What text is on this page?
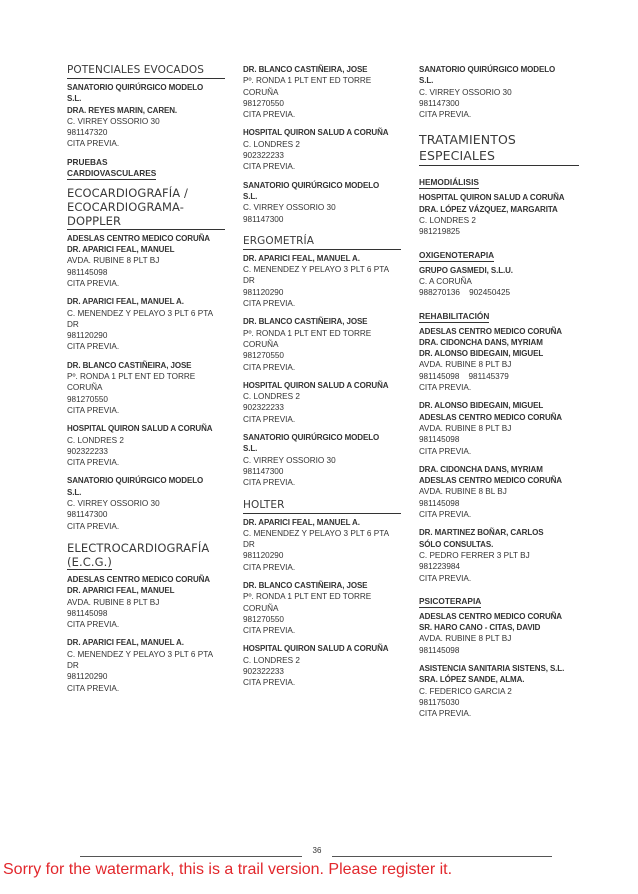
POTENCIALES EVOCADOS
SANATORIO QUIRÚRGICO MODELO
S.L.
DRA. REYES MARIN, CAREN.
C. VIRREY OSSORIO 30
981147320
CITA PREVIA.
PRUEBAS
CARDIOVASCULARES
ECOCARDIOGRAFÍA /
ECOCARDIOGRAMA-
DOPPLER
ADESLAS CENTRO MEDICO CORUÑA
DR. APARICI FEAL, MANUEL
AVDA. RUBINE 8 PLT BJ
981145098
CITA PREVIA.
DR. APARICI FEAL, MANUEL A.
C. MENENDEZ Y PELAYO 3 PLT 6 PTA
DR
981120290
CITA PREVIA.
DR. BLANCO CASTIÑEIRA, JOSE
Pº. RONDA 1 PLT ENT ED TORRE
CORUÑA
981270550
CITA PREVIA.
HOSPITAL QUIRON SALUD A CORUÑA
C. LONDRES 2
902322233
CITA PREVIA.
SANATORIO QUIRÚRGICO MODELO
S.L.
C. VIRREY OSSORIO 30
981147300
CITA PREVIA.
ELECTROCARDIOGRAFÍA
(E.C.G.)
ADESLAS CENTRO MEDICO CORUÑA
DR. APARICI FEAL, MANUEL
AVDA. RUBINE 8 PLT BJ
981145098
CITA PREVIA.
DR. APARICI FEAL, MANUEL A.
C. MENENDEZ Y PELAYO 3 PLT 6 PTA
DR
981120290
CITA PREVIA.
DR. BLANCO CASTIÑEIRA, JOSE
Pº. RONDA 1 PLT ENT ED TORRE
CORUÑA
981270550
CITA PREVIA.
HOSPITAL QUIRON SALUD A CORUÑA
C. LONDRES 2
902322233
CITA PREVIA.
SANATORIO QUIRÚRGICO MODELO
S.L.
C. VIRREY OSSORIO 30
981147300
ERGOMETRÍA
DR. APARICI FEAL, MANUEL A.
C. MENENDEZ Y PELAYO 3 PLT 6 PTA
DR
981120290
CITA PREVIA.
DR. BLANCO CASTIÑEIRA, JOSE
Pº. RONDA 1 PLT ENT ED TORRE
CORUÑA
981270550
CITA PREVIA.
HOSPITAL QUIRON SALUD A CORUÑA
C. LONDRES 2
902322233
CITA PREVIA.
SANATORIO QUIRÚRGICO MODELO
S.L.
C. VIRREY OSSORIO 30
981147300
CITA PREVIA.
HOLTER
DR. APARICI FEAL, MANUEL A.
C. MENENDEZ Y PELAYO 3 PLT 6 PTA
DR
981120290
CITA PREVIA.
DR. BLANCO CASTIÑEIRA, JOSE
Pº. RONDA 1 PLT ENT ED TORRE
CORUÑA
981270550
CITA PREVIA.
HOSPITAL QUIRON SALUD A CORUÑA
C. LONDRES 2
902322233
CITA PREVIA.
SANATORIO QUIRÚRGICO MODELO
S.L.
C. VIRREY OSSORIO 30
981147300
CITA PREVIA.
TRATAMIENTOS
ESPECIALES
HEMODIÁLISIS
HOSPITAL QUIRON SALUD A CORUÑA
DRA. LÓPEZ VÁZQUEZ, MARGARITA
C. LONDRES 2
981219825
OXIGENOTERAPIA
GRUPO GASMEDI, S.L.U.
C. A CORUÑA
988270136    902450425
REHABILITACIÓN
ADESLAS CENTRO MEDICO CORUÑA
DRA. CIDONCHA DANS, MYRIAM
DR. ALONSO BIDEGAIN, MIGUEL
AVDA. RUBINE 8 PLT BJ
981145098    981145379
CITA PREVIA.
DR. ALONSO BIDEGAIN, MIGUEL
ADESLAS CENTRO MEDICO CORUÑA
AVDA. RUBINE 8 PLT BJ
981145098
CITA PREVIA.
DRA. CIDONCHA DANS, MYRIAM
ADESLAS CENTRO MEDICO CORUÑA
AVDA. RUBINE 8 BL BJ
981145098
CITA PREVIA.
DR. MARTINEZ BOÑAR, CARLOS
SÓLO CONSULTAS.
C. PEDRO FERRER 3 PLT BJ
981223984
CITA PREVIA.
PSICOTERAPIA
ADESLAS CENTRO MEDICO CORUÑA
SR. HARO CANO - CITAS, DAVID
AVDA. RUBINE 8 PLT BJ
981145098
ASISTENCIA SANITARIA SISTENS, S.L.
SRA. LÓPEZ SANDE, ALMA.
C. FEDERICO GARCIA 2
981175030
CITA PREVIA.
36
Sorry for the watermark, this is a trail version. Please register it.
